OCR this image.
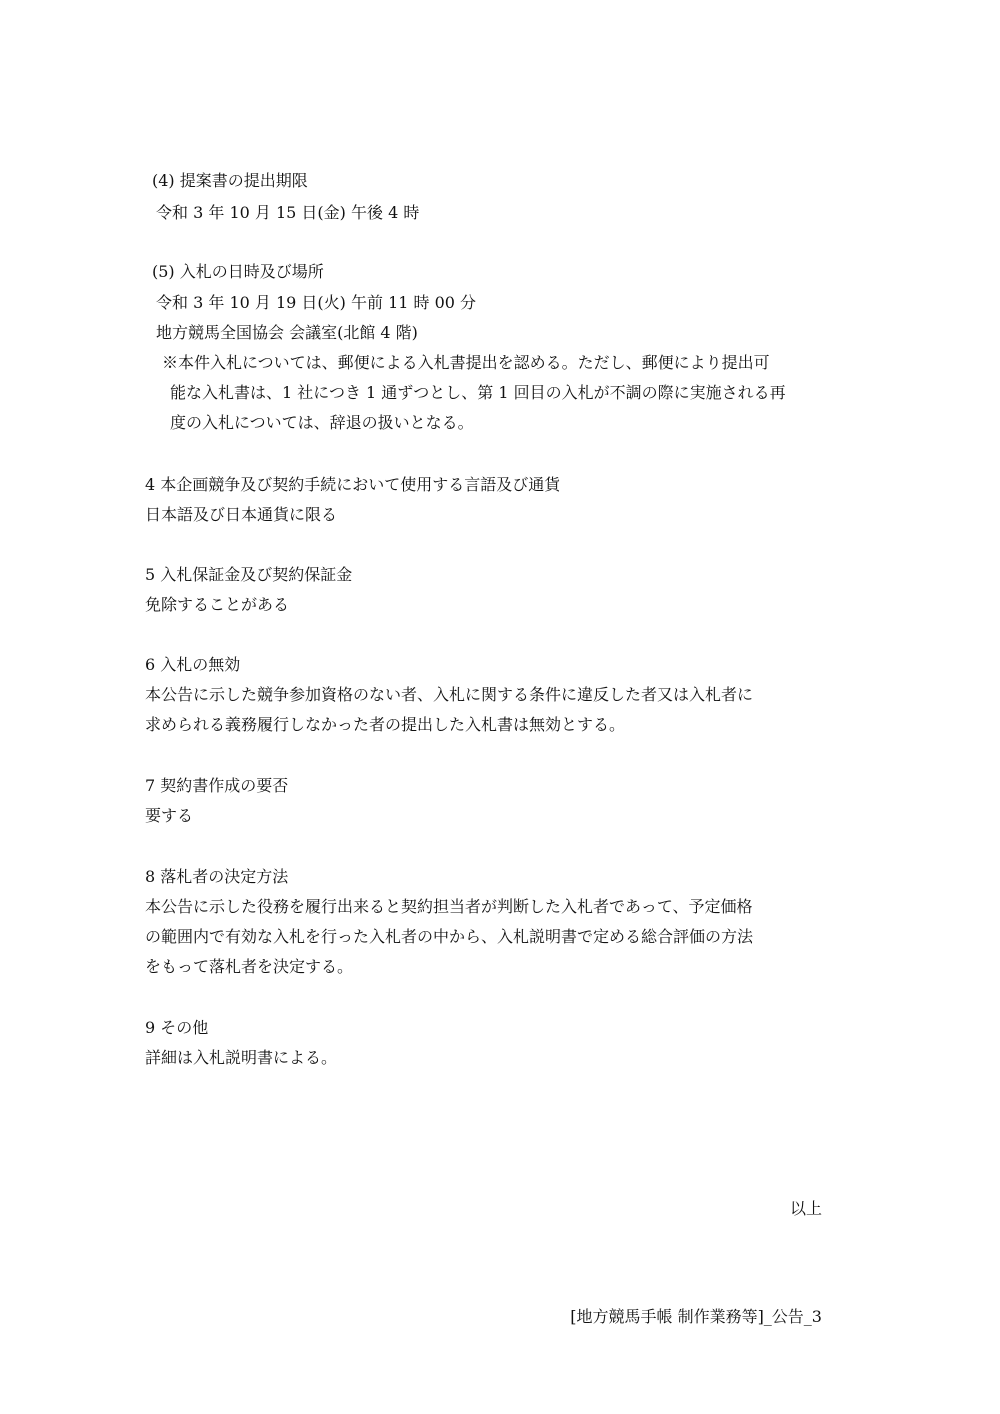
(4) 提案書の提出期限

令和 3 年 10 月 15 日(金) 午後 4 時

(5) 入札の日時及び場所

令和 3 年 10 月 19 日(火) 午前 11 時 00 分

地方競馬全国協会 会議室(北館 4 階)

※本件入札については、郵便による入札書提出を認める。ただし、郵便により提出可

能な入札書は、1 社につき 1 通ずつとし、第 1 回目の入札が不調の際に実施される再

度の入札については、辞退の扱いとなる。

4 本企画競争及び契約手続において使用する言語及び通貨

日本語及び日本通貨に限る

5 入札保証金及び契約保証金

免除することがある

6 入札の無効

本公告に示した競争参加資格のない者、入札に関する条件に違反した者又は入札者に

求められる義務履行しなかった者の提出した入札書は無効とする。

7 契約書作成の要否

要する

8 落札者の決定方法

本公告に示した役務を履行出来ると契約担当者が判断した入札者であって、予定価格

の範囲内で有効な入札を行った入札者の中から、入札説明書で定める総合評価の方法

をもって落札者を決定する。

9 その他

詳細は入札説明書による。

以上

[地方競馬手帳 制作業務等]_公告_3
